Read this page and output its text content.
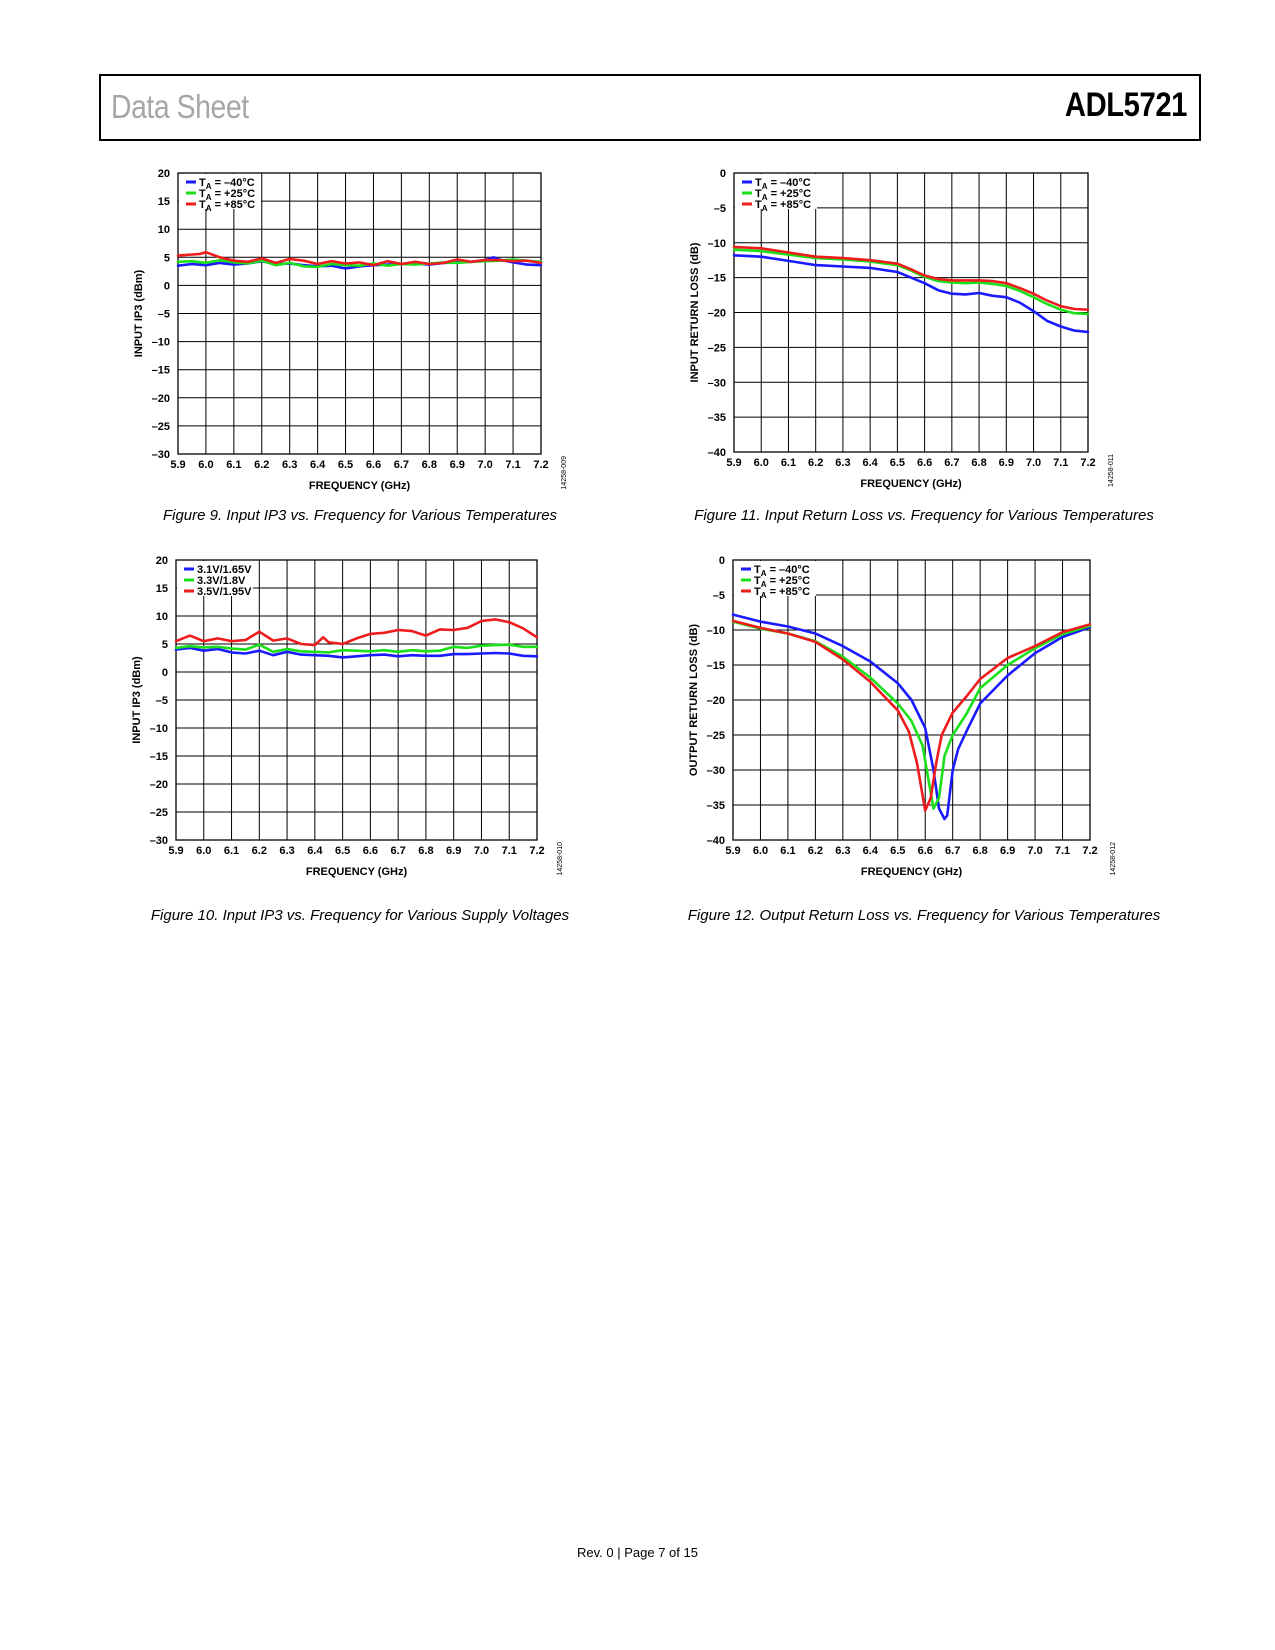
Data Sheet	ADL5721
5.9 6.0 6.1 6.2 6.3 6.4 6.5 6.6 6.7 6.8 6.9 7.0 7.1 7.2
20
15
10
5
0
–5
–10
–15
–20
–25
–30
FREQUENCY (GHz)
INPUT IP3 (dBm)
14258-009
$T_A = -40^\circ C$
$T_A = +25^\circ C$
$T_A = +85^\circ C$
Figure 9. Input IP3 vs. Frequency for Various Temperatures
5.9 6.0 6.1 6.2 6.3 6.4 6.5 6.6 6.7 6.8 6.9 7.0 7.1 7.2
0
–5
–10
–15
–20
–25
–30
–35
–40
FREQUENCY (GHz)
INPUT RETURN LOSS (dB)
14258-011
$T_A = -40^\circ C$
$T_A = +25^\circ C$
$T_A = +85^\circ C$
Figure 11. Input Return Loss vs. Frequency for Various Temperatures
5.9 6.0 6.1 6.2 6.3 6.4 6.5 6.6 6.7 6.8 6.9 7.0 7.1 7.2
20
15
10
5
0
–5
–10
–15
–20
–25
–30
FREQUENCY (GHz)
INPUT IP3 (dBm)
14258-010
3.1V/1.65V
3.3V/1.8V
3.5V/1.95V
Figure 10. Input IP3 vs. Frequency for Various Supply Voltages
5.9 6.0 6.1 6.2 6.3 6.4 6.5 6.6 6.7 6.8 6.9 7.0 7.1 7.2
0
–5
–10
–15
–20
–25
–30
–35
–40
FREQUENCY (GHz)
OUTPUT RETURN LOSS (dB)
14258-012
$T_A = -40^\circ C$
$T_A = +25^\circ C$
$T_A = +85^\circ C$
Figure 12. Output Return Loss vs. Frequency for Various Temperatures
Rev. 0 | Page 7 of 15
